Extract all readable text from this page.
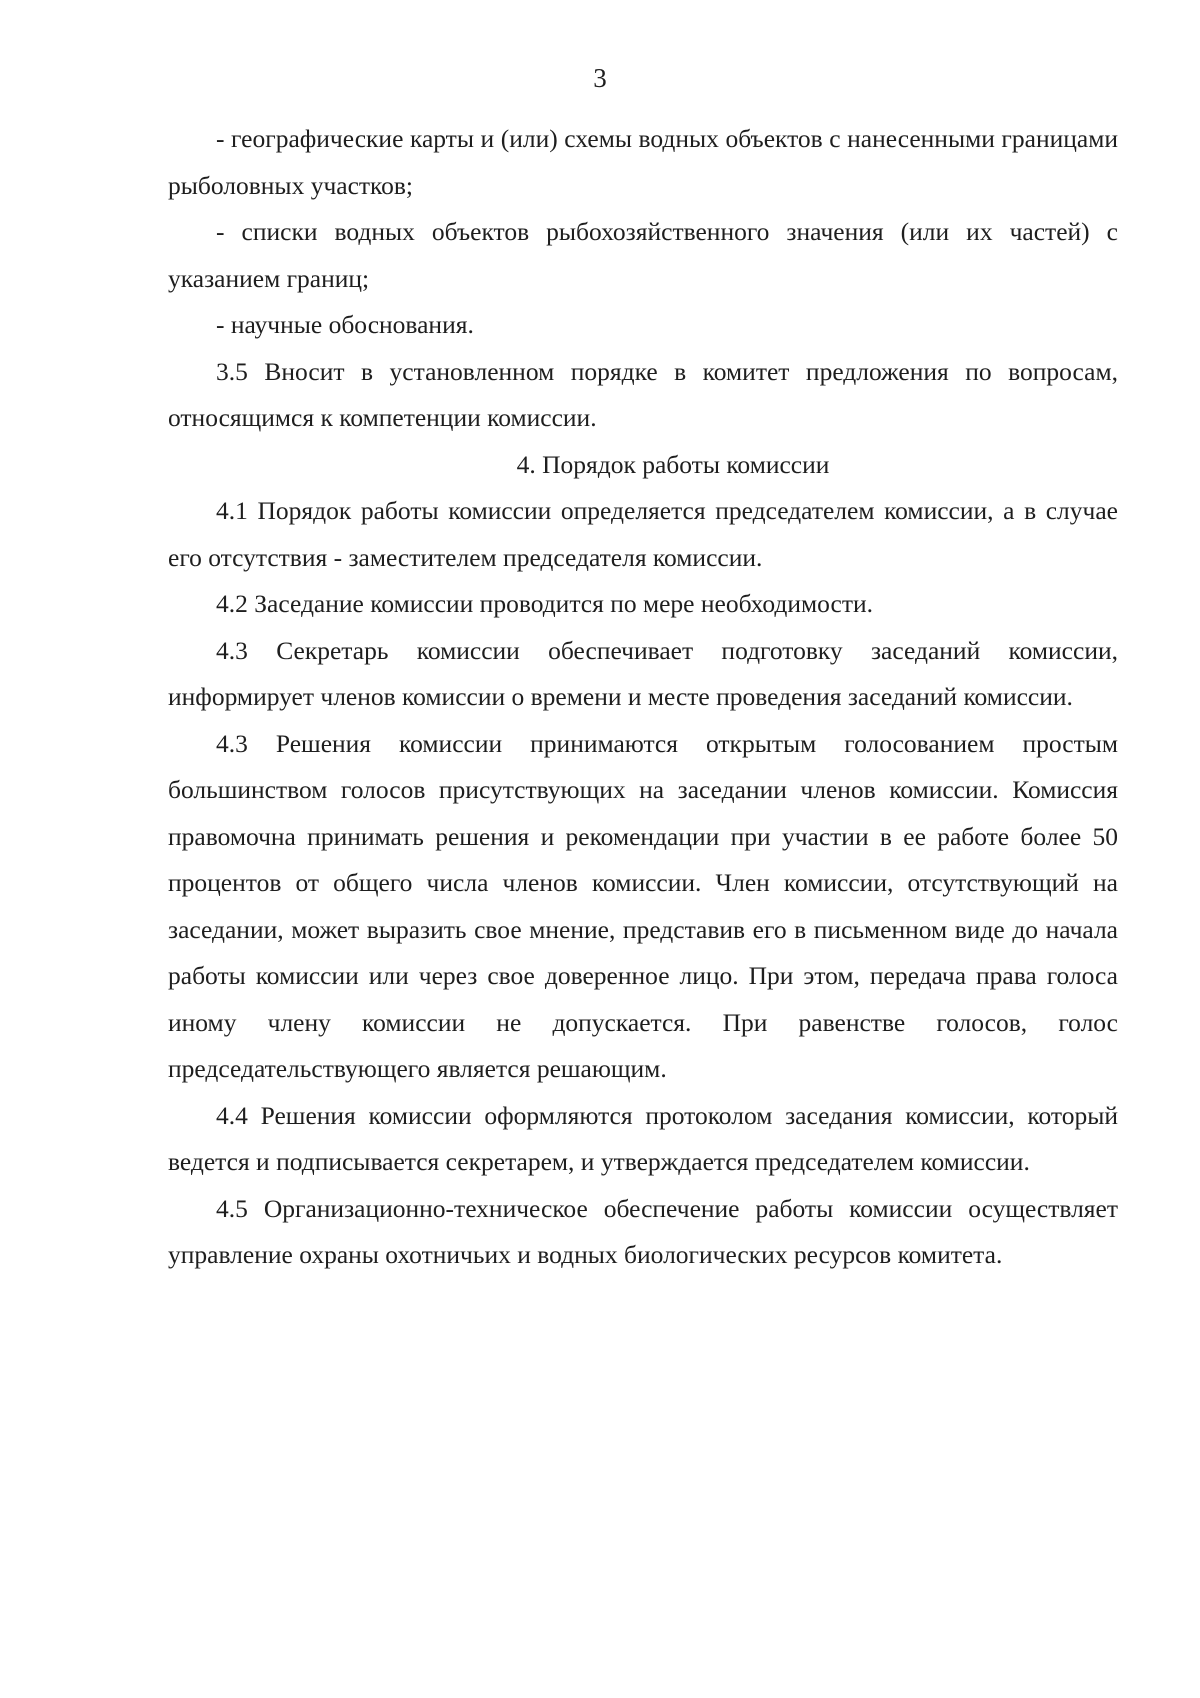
3

- географические карты и (или) схемы водных объектов с нанесенными границами рыболовных участков;

- списки водных объектов рыбохозяйственного значения (или их частей) с указанием границ;

- научные обоснования.

3.5 Вносит в установленном порядке в комитет предложения по вопросам, относящимся к компетенции комиссии.

4. Порядок работы комиссии

4.1 Порядок работы комиссии определяется председателем комиссии, а в случае его отсутствия - заместителем председателя комиссии.

4.2 Заседание комиссии проводится по мере необходимости.

4.3 Секретарь комиссии обеспечивает подготовку заседаний комиссии, информирует членов комиссии о времени и месте проведения заседаний комиссии.

4.3 Решения комиссии принимаются открытым голосованием простым большинством голосов присутствующих на заседании членов комиссии. Комиссия правомочна принимать решения и рекомендации при участии в ее работе более 50 процентов от общего числа членов комиссии. Член комиссии, отсутствующий на заседании, может выразить свое мнение, представив его в письменном виде до начала работы комиссии или через свое доверенное лицо. При этом, передача права голоса иному члену комиссии не допускается. При равенстве голосов, голос председательствующего является решающим.

4.4 Решения комиссии оформляются протоколом заседания комиссии, который ведется и подписывается секретарем, и утверждается председателем комиссии.

4.5 Организационно-техническое обеспечение работы комиссии осуществляет управление охраны охотничьих и водных биологических ресурсов комитета.
